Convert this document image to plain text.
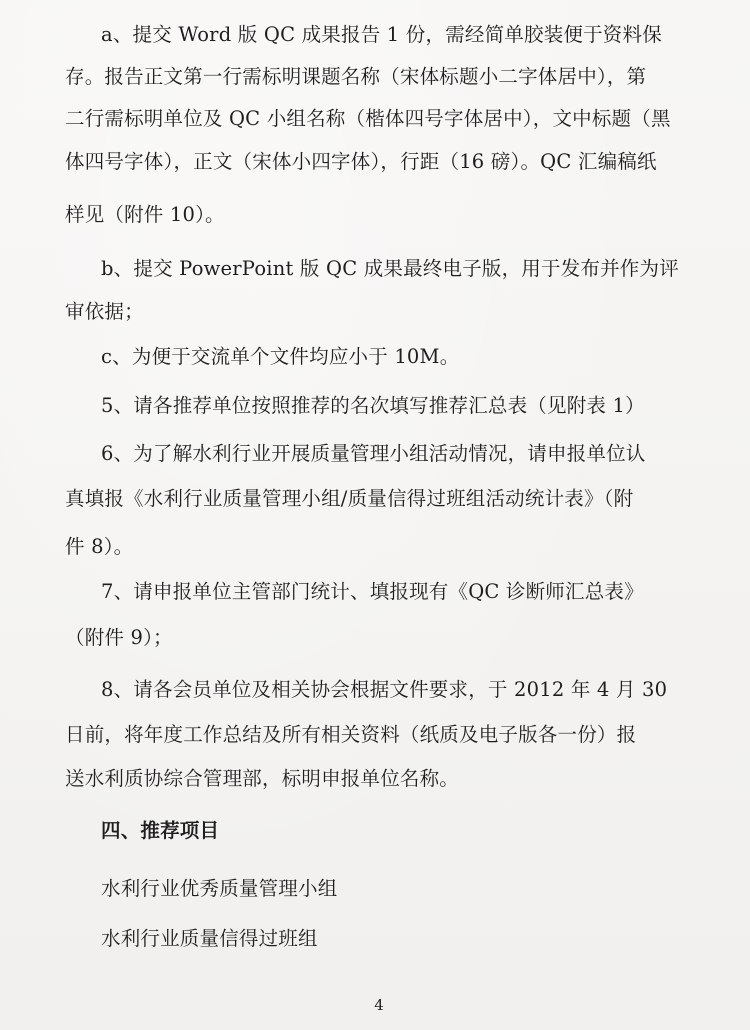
a、提交 Word 版 QC 成果报告 1 份，需经简单胶装便于资料保
存。报告正文第一行需标明课题名称（宋体标题小二字体居中），第
二行需标明单位及 QC 小组名称（楷体四号字体居中），文中标题（黑
体四号字体），正文（宋体小四字体），行距（16 磅）。QC 汇编稿纸
样见（附件 10）。
b、提交 PowerPoint 版 QC 成果最终电子版，用于发布并作为评
审依据；
c、为便于交流单个文件均应小于 10M。
5、请各推荐单位按照推荐的名次填写推荐汇总表（见附表 1）
6、为了解水利行业开展质量管理小组活动情况，请申报单位认
真填报《水利行业质量管理小组/质量信得过班组活动统计表》（附
件 8）。
7、请申报单位主管部门统计、填报现有《QC 诊断师汇总表》
（附件 9）；
8、请各会员单位及相关协会根据文件要求，于 2012 年 4 月 30
日前，将年度工作总结及所有相关资料（纸质及电子版各一份）报
送水利质协综合管理部，标明申报单位名称。
四、推荐项目
水利行业优秀质量管理小组
水利行业质量信得过班组
4
